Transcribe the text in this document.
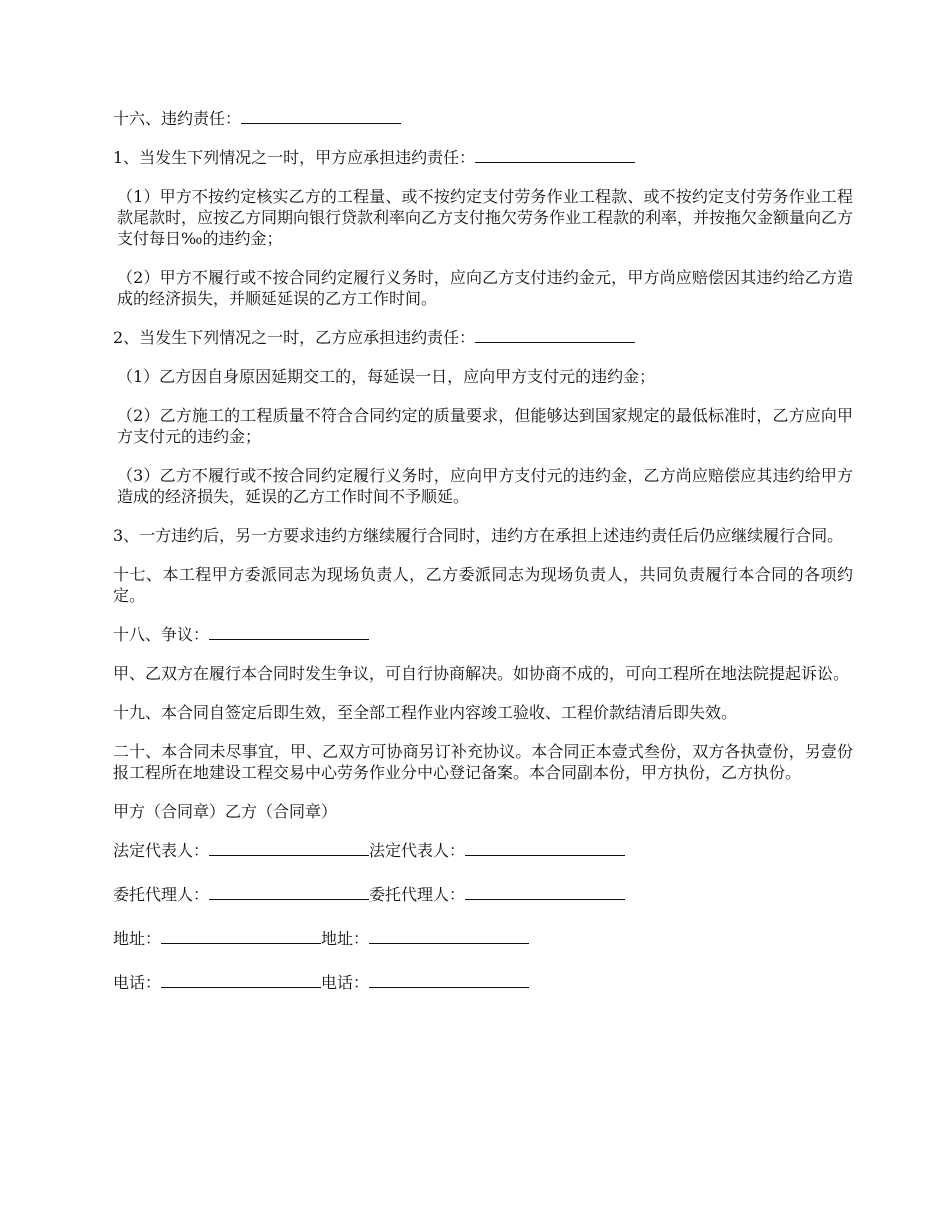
十六、违约责任：

1、当发生下列情况之一时，甲方应承担违约责任：

（1）甲方不按约定核实乙方的工程量、或不按约定支付劳务作业工程款、或不按约定支付劳务作业工程款尾款时，应按乙方同期向银行贷款利率向乙方支付拖欠劳务作业工程款的利率，并按拖欠金额量向乙方支付每日‰的违约金；

（2）甲方不履行或不按合同约定履行义务时，应向乙方支付违约金元，甲方尚应赔偿因其违约给乙方造成的经济损失，并顺延延误的乙方工作时间。

2、当发生下列情况之一时，乙方应承担违约责任：

（1）乙方因自身原因延期交工的，每延误一日，应向甲方支付元的违约金；

（2）乙方施工的工程质量不符合合同约定的质量要求，但能够达到国家规定的最低标准时，乙方应向甲方支付元的违约金；

（3）乙方不履行或不按合同约定履行义务时，应向甲方支付元的违约金，乙方尚应赔偿应其违约给甲方造成的经济损失，延误的乙方工作时间不予顺延。

3、一方违约后，另一方要求违约方继续履行合同时，违约方在承担上述违约责任后仍应继续履行合同。

十七、本工程甲方委派同志为现场负责人，乙方委派同志为现场负责人，共同负责履行本合同的各项约定。

十八、争议：

甲、乙双方在履行本合同时发生争议，可自行协商解决。如协商不成的，可向工程所在地法院提起诉讼。

十九、本合同自签定后即生效，至全部工程作业内容竣工验收、工程价款结清后即失效。

二十、本合同未尽事宜，甲、乙双方可协商另订补充协议。本合同正本壹式叁份，双方各执壹份，另壹份报工程所在地建设工程交易中心劳务作业分中心登记备案。本合同副本份，甲方执份，乙方执份。

甲方（合同章）乙方（合同章）

法定代表人：	法定代表人：
委托代理人：	委托代理人：
地址：	地址：
电话：	电话：
